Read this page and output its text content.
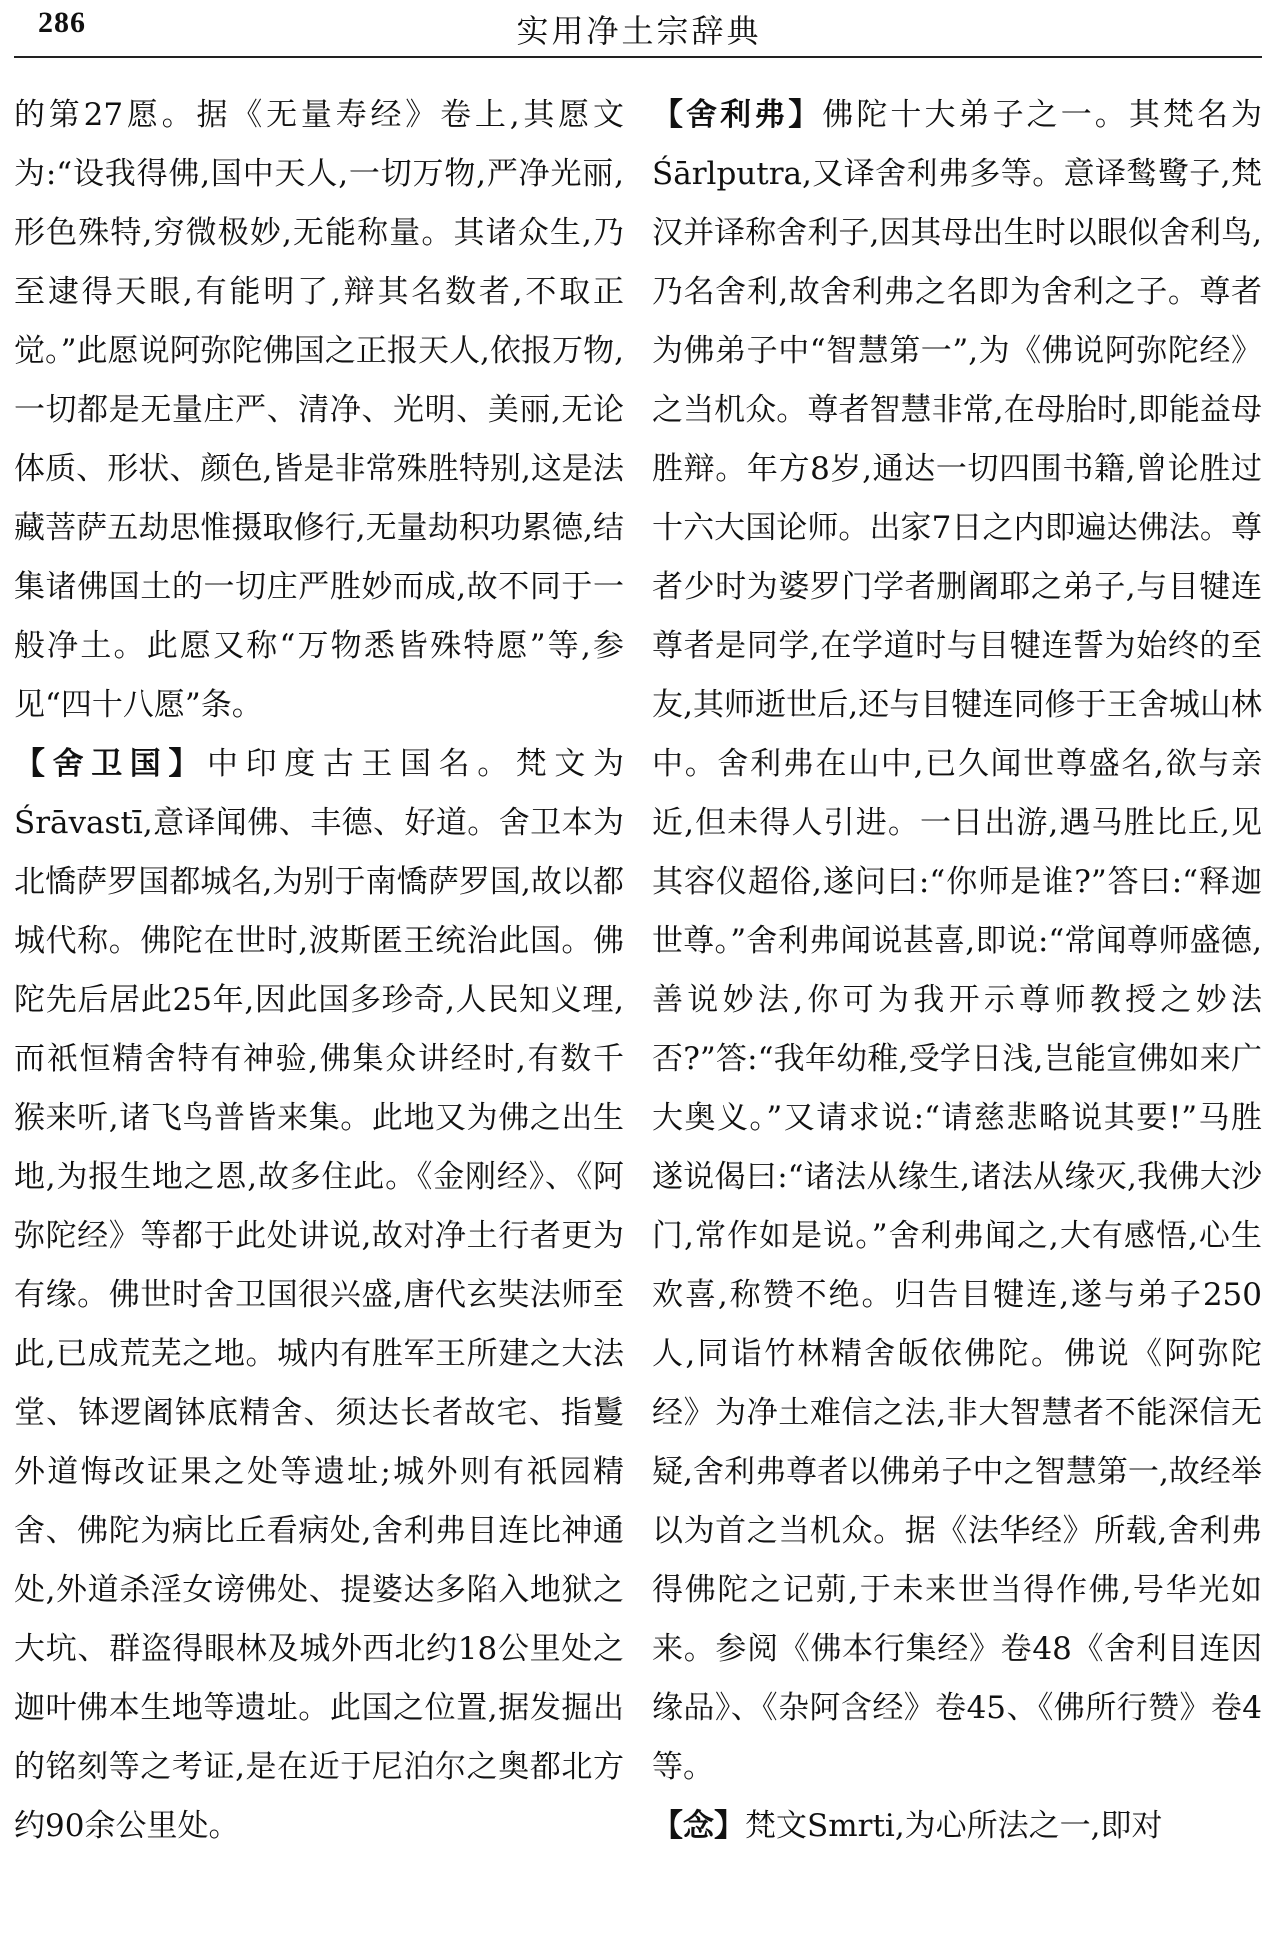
286	实用净土宗辞典

的第27愿。据《无量寿经》卷上,其愿文为:“设我得佛,国中天人,一切万物,严净光丽,形色殊特,穷微极妙,无能称量。其诸众生,乃至逮得天眼,有能明了,辩其名数者,不取正觉。”此愿说阿弥陀佛国之正报天人,依报万物,一切都是无量庄严、清净、光明、美丽,无论体质、形状、颜色,皆是非常殊胜特别,这是法藏菩萨五劫思惟摄取修行,无量劫积功累德,结集诸佛国土的一切庄严胜妙而成,故不同于一般净土。此愿又称“万物悉皆殊特愿”等,参见“四十八愿”条。

【舍卫国】中印度古王国名。梵文为Śrāvastī,意译闻佛、丰德、好道。舍卫本为北憍萨罗国都城名,为别于南憍萨罗国,故以都城代称。佛陀在世时,波斯匿王统治此国。佛陀先后居此25年,因此国多珍奇,人民知义理,而祇恒精舍特有神验,佛集众讲经时,有数千　猴来听,诸飞鸟普皆来集。此地又为佛之出生地,为报生地之恩,故多住此。《金刚经》、《阿弥陀经》等都于此处讲说,故对净土行者更为有缘。佛世时舍卫国很兴盛,唐代玄奘法师至此,已成荒芜之地。城内有胜军王所建之大法堂、钵逻阇钵底精舍、须达长者故宅、指鬘外道悔改证果之处等遗址;城外则有祇园精舍、佛陀为病比丘看病处,舍利弗目连比神通处,外道杀淫女谤佛处、提婆达多陷入地狱之大坑、群盗得眼林及城外西北约18公里处之迦叶佛本生地等遗址。此国之位置,据发掘出的铭刻等之考证,是在近于尼泊尔之奥都北方约90余公里处。

【舍利弗】佛陀十大弟子之一。其梵名为Śārlputra,又译舍利弗多等。意译鹙鹭子,梵汉并译称舍利子,因其母出生时以眼似舍利鸟,乃名舍利,故舍利弗之名即为舍利之子。尊者为佛弟子中“智慧第一”,为《佛说阿弥陀经》之当机众。尊者智慧非常,在母胎时,即能益母胜辩。年方8岁,通达一切四围书籍,曾论胜过十六大国论师。出家7日之内即遍达佛法。尊者少时为婆罗门学者删阇耶之弟子,与目犍连尊者是同学,在学道时与目犍连誓为始终的至友,其师逝世后,还与目犍连同修于王舍城山林中。舍利弗在山中,已久闻世尊盛名,欲与亲近,但未得人引进。一日出游,遇马胜比丘,见其容仪超俗,遂问曰:“你师是谁?”答曰:“释迦世尊。”舍利弗闻说甚喜,即说:“常闻尊师盛德,善说妙法,你可为我开示尊师教授之妙法否?”答:“我年幼稚,受学日浅,岂能宣佛如来广大奥义。”又请求说:“请慈悲略说其要!”马胜遂说偈曰:“诸法从缘生,诸法从缘灭,我佛大沙门,常作如是说。”舍利弗闻之,大有感悟,心生欢喜,称赞不绝。归告目犍连,遂与弟子250人,同诣竹林精舍皈依佛陀。佛说《阿弥陀经》为净土难信之法,非大智慧者不能深信无疑,舍利弗尊者以佛弟子中之智慧第一,故经举以为首之当机众。据《法华经》所载,舍利弗得佛陀之记莂,于未来世当得作佛,号华光如来。参阅《佛本行集经》卷48《舍利目连因缘品》、《杂阿含经》卷45、《佛所行赞》卷4等。

【念】梵文Smrti,为心所法之一,即对
